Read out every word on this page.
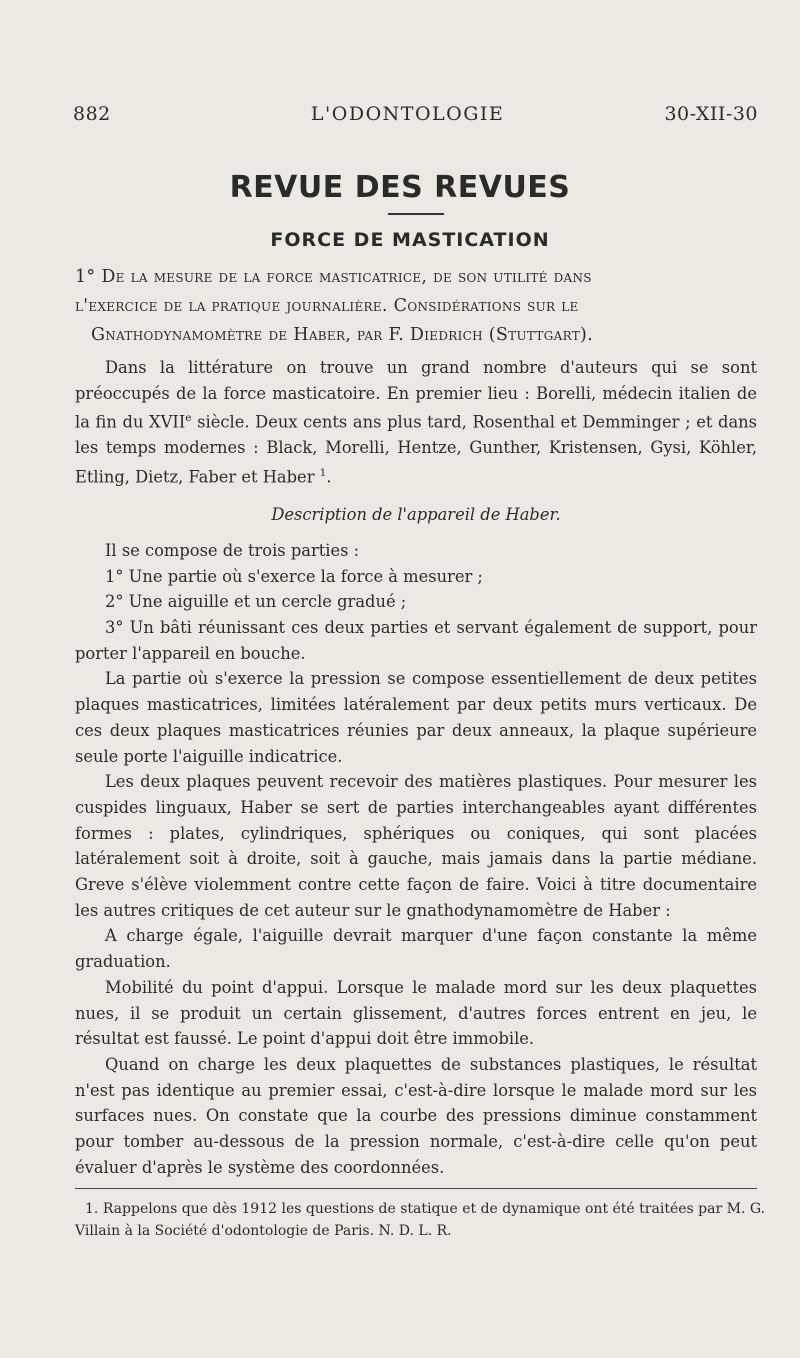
882	L'ODONTOLOGIE	30-XII-30
REVUE DES REVUES
FORCE DE MASTICATION
1° De la mesure de la force masticatrice, de son utilité dans
l'exercice de la pratique journalière. Considérations sur le
Gnathodynamomètre de Haber, par F. Diedrich (Stuttgart).

Dans la littérature on trouve un grand nombre d'auteurs qui se sont préoccupés de la force masticatoire. En premier lieu : Borelli, médecin italien de la fin du XVIIe siècle. Deux cents ans plus tard, Rosenthal et Demminger ; et dans les temps modernes : Black, Morelli, Hentze, Gunther, Kristensen, Gysi, Köhler, Etling, Dietz, Faber et Haber $^1$.

Description de l'appareil de Haber.

Il se compose de trois parties :

1° Une partie où s'exerce la force à mesurer ;

2° Une aiguille et un cercle gradué ;

3° Un bâti réunissant ces deux parties et servant également de support, pour porter l'appareil en bouche.

La partie où s'exerce la pression se compose essentiellement de deux petites plaques masticatrices, limitées latéralement par deux petits murs verticaux. De ces deux plaques masticatrices réunies par deux anneaux, la plaque supérieure seule porte l'aiguille indicatrice.

Les deux plaques peuvent recevoir des matières plastiques. Pour mesurer les cuspides linguaux, Haber se sert de parties interchangeables ayant différentes formes : plates, cylindriques, sphériques ou coniques, qui sont placées latéralement soit à droite, soit à gauche, mais jamais dans la partie médiane. Greve s'élève violemment contre cette façon de faire. Voici à titre documentaire les autres critiques de cet auteur sur le gnathodynamomètre de Haber :

A charge égale, l'aiguille devrait marquer d'une façon constante la même graduation.

Mobilité du point d'appui. Lorsque le malade mord sur les deux plaquettes nues, il se produit un certain glissement, d'autres forces entrent en jeu, le résultat est faussé. Le point d'appui doit être immobile.

Quand on charge les deux plaquettes de substances plastiques, le résultat n'est pas identique au premier essai, c'est-à-dire lorsque le malade mord sur les surfaces nues. On constate que la courbe des pressions diminue constamment pour tomber au-dessous de la pression normale, c'est-à-dire celle qu'on peut évaluer d'après le système des coordonnées.

1. Rappelons que dès 1912 les questions de statique et de dynamique ont été traitées par M. G. Villain à la Société d'odontologie de Paris. N. D. L. R.
